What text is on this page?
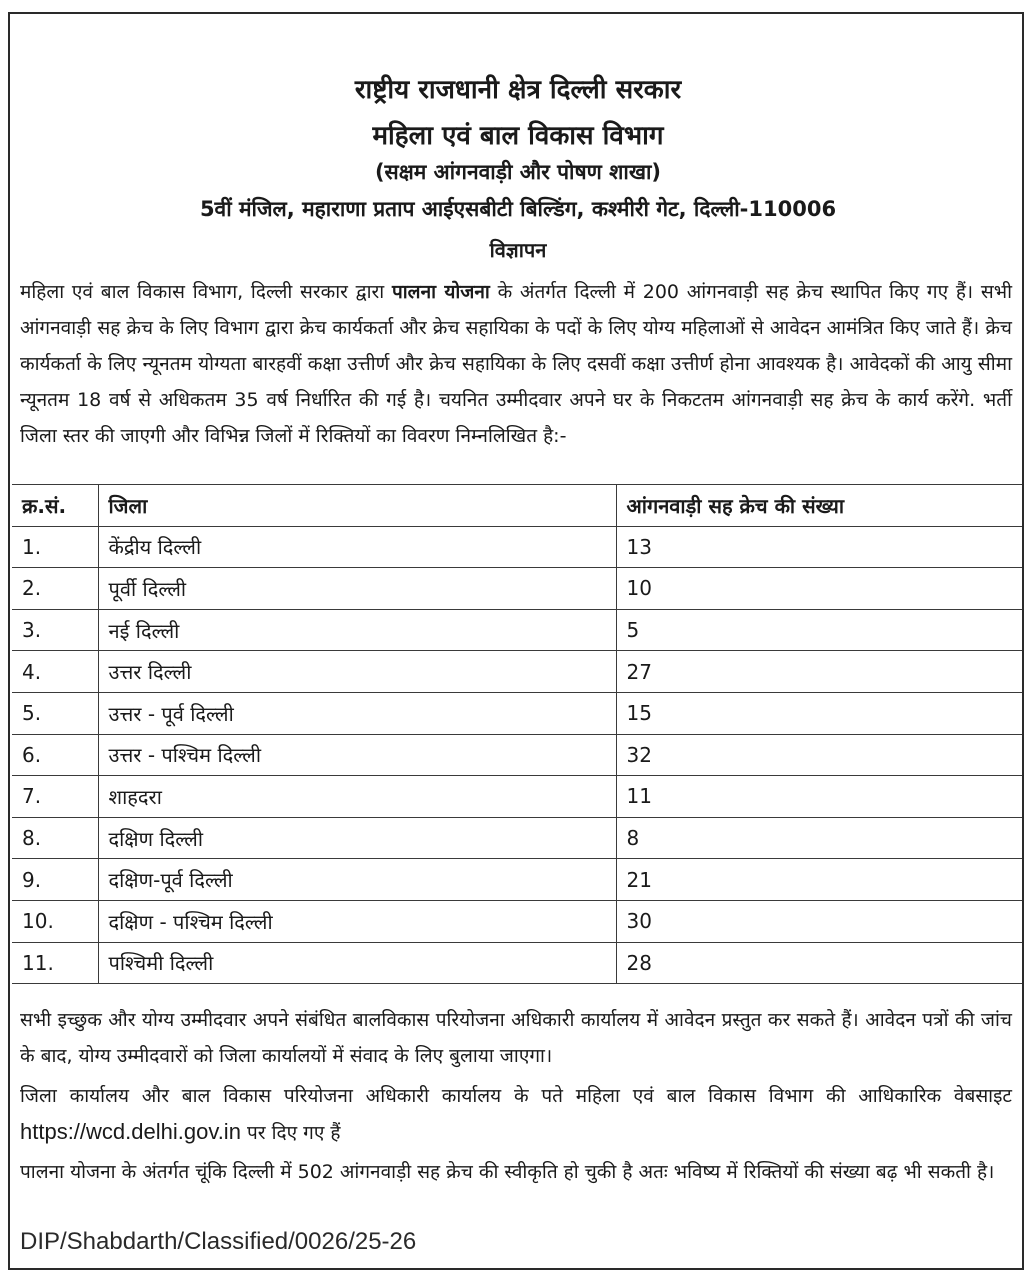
राष्ट्रीय राजधानी क्षेत्र दिल्ली सरकार
महिला एवं बाल विकास विभाग
(सक्षम आंगनवाड़ी और पोषण शाखा)
5वीं मंजिल, महाराणा प्रताप आईएसबीटी बिल्डिंग, कश्मीरी गेट, दिल्ली-110006
विज्ञापन
महिला एवं बाल विकास विभाग, दिल्ली सरकार द्वारा पालना योजना के अंतर्गत दिल्ली में 200 आंगनवाड़ी सह क्रेच स्थापित किए गए हैं। सभी आंगनवाड़ी सह क्रेच के लिए विभाग द्वारा क्रेच कार्यकर्ता और क्रेच सहायिका के पदों के लिए योग्य महिलाओं से आवेदन आमंत्रित किए जाते हैं। क्रेच कार्यकर्ता के लिए न्यूनतम योग्यता बारहवीं कक्षा उत्तीर्ण और क्रेच सहायिका के लिए दसवीं कक्षा उत्तीर्ण होना आवश्यक है। आवेदकों की आयु सीमा न्यूनतम 18 वर्ष से अधिकतम 35 वर्ष निर्धारित की गई है। चयनित उम्मीदवार अपने घर के निकटतम आंगनवाड़ी सह क्रेच के कार्य करेंगे. भर्ती जिला स्तर की जाएगी और विभिन्न जिलों में रिक्तियों का विवरण निम्नलिखित है:-
क्र.सं.	जिला	आंगनवाड़ी सह क्रेच की संख्या
1.	केंद्रीय दिल्ली	13
2.	पूर्वी दिल्ली	10
3.	नई दिल्ली	5
4.	उत्तर दिल्ली	27
5.	उत्तर - पूर्व दिल्ली	15
6.	उत्तर - पश्चिम दिल्ली	32
7.	शाहदरा	11
8.	दक्षिण दिल्ली	8
9.	दक्षिण-पूर्व दिल्ली	21
10.	दक्षिण - पश्चिम दिल्ली	30
11.	पश्चिमी दिल्ली	28
सभी इच्छुक और योग्य उम्मीदवार अपने संबंधित बालविकास परियोजना अधिकारी कार्यालय में आवेदन प्रस्तुत कर सकते हैं। आवेदन पत्रों की जांच के बाद, योग्य उम्मीदवारों को जिला कार्यालयों में संवाद के लिए बुलाया जाएगा।
जिला कार्यालय और बाल विकास परियोजना अधिकारी कार्यालय के पते महिला एवं बाल विकास विभाग की आधिकारिक वेबसाइट https://wcd.delhi.gov.in पर दिए गए हैं
पालना योजना के अंतर्गत चूंकि दिल्ली में 502 आंगनवाड़ी सह क्रेच की स्वीकृति हो चुकी है अतः भविष्य में रिक्तियों की संख्या बढ़ भी सकती है।
DIP/Shabdarth/Classified/0026/25-26
